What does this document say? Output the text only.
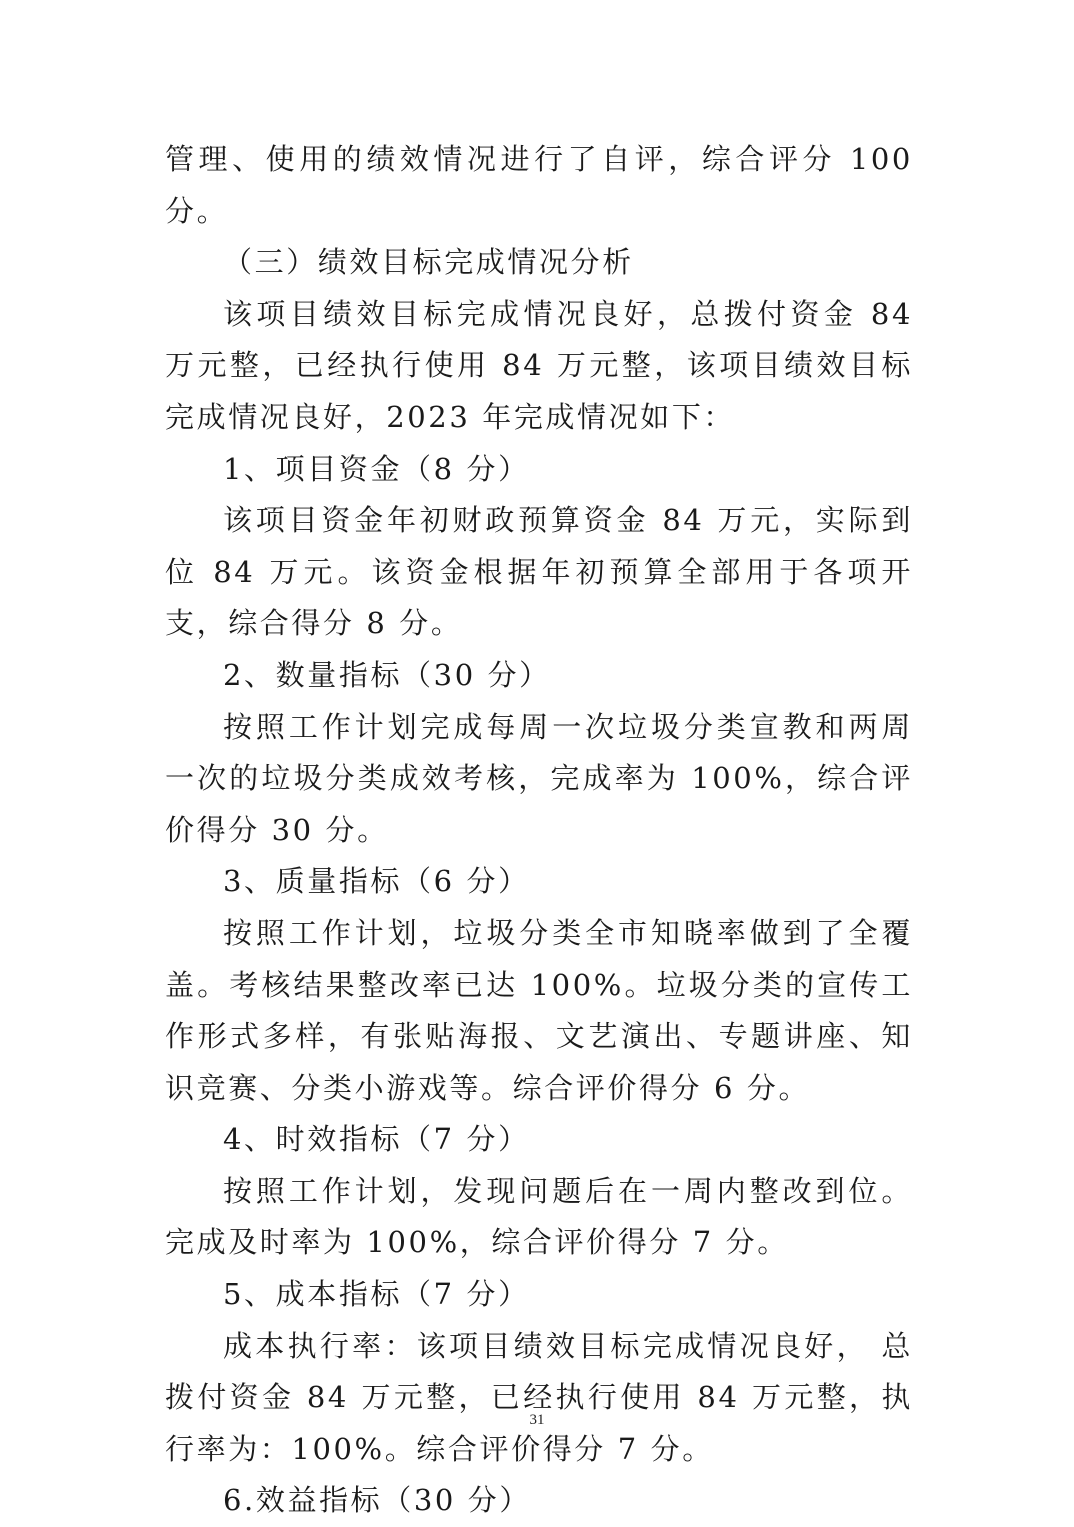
管理、使用的绩效情况进行了自评，综合评分 100 分。

（三）绩效目标完成情况分析

该项目绩效目标完成情况良好，总拨付资金 84 万元整，已经执行使用 84 万元整，该项目绩效目标完成情况良好，2023 年完成情况如下：

1、项目资金（8 分）

该项目资金年初财政预算资金 84 万元，实际到位 84 万元。该资金根据年初预算全部用于各项开支，综合得分 8 分。

2、数量指标（30 分）

按照工作计划完成每周一次垃圾分类宣教和两周一次的垃圾分类成效考核，完成率为 100%，综合评价得分 30 分。

3、质量指标（6 分）

按照工作计划，垃圾分类全市知晓率做到了全覆盖。考核结果整改率已达 100%。垃圾分类的宣传工作形式多样，有张贴海报、文艺演出、专题讲座、知识竞赛、分类小游戏等。综合评价得分 6 分。

4、时效指标（7 分）

按照工作计划，发现问题后在一周内整改到位。完成及时率为 100%，综合评价得分 7 分。

5、成本指标（7 分）

成本执行率：该项目绩效目标完成情况良好， 总拨付资金 84 万元整，已经执行使用 84 万元整，执行率为：100%。综合评价得分 7 分。

6.效益指标（30 分）

31
